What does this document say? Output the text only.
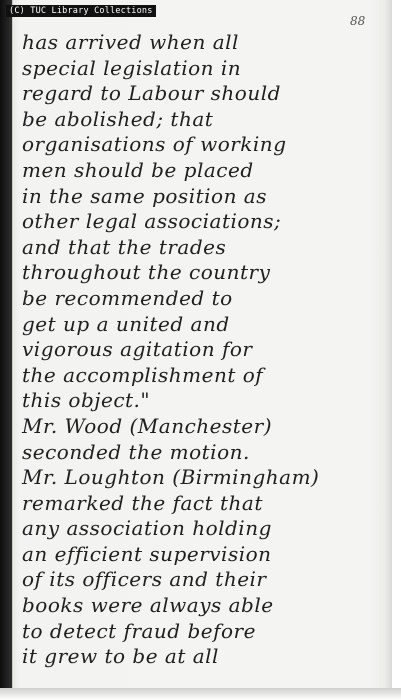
(C) TUC Library Collections
88
has arrived when all
special legislation in
regard to Labour should
be abolished; that
organisations of working
men should be placed
in the same position as
other legal associations;
and that the trades
throughout the country
be recommended to
get up a united and
vigorous agitation for
the accomplishment of
this object."
Mr. Wood (Manchester)
seconded the motion.
Mr. Loughton (Birmingham)
remarked the fact that
any association holding
an efficient supervision
of its officers and their
books were always able
to detect fraud before
it grew to be at all
